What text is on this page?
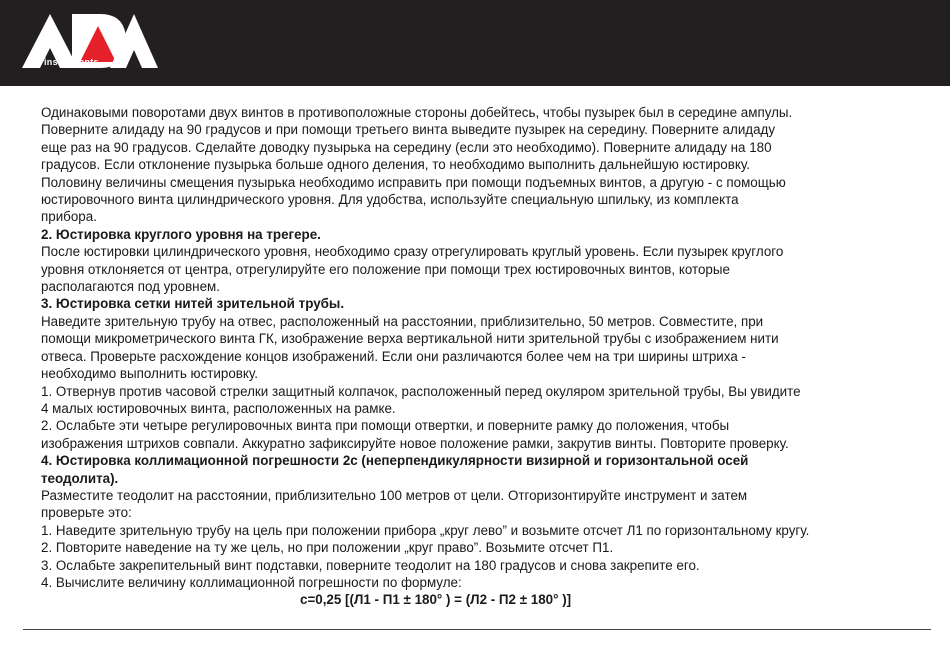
instruments

Одинаковыми поворотами двух винтов в противоположные стороны добейтесь, чтобы пузырек был в середине ампулы.

Поверните алидаду на 90 градусов и при помощи третьего винта выведите пузырек на середину. Поверните алидаду

еще раз на 90 градусов. Сделайте доводку пузырька на середину (если это необходимо). Поверните алидаду на 180

градусов. Если отклонение пузырька больше одного деления, то необходимо выполнить дальнейшую юстировку.

Половину величины смещения пузырька необходимо исправить при помощи подъемных винтов, а другую - с помощью

юстировочного винта цилиндрического уровня. Для удобства, используйте специальную шпильку, из комплекта

прибора.

2. Юстировка круглого уровня на трегере.

После юстировки цилиндрического уровня, необходимо сразу отрегулировать круглый уровень. Если пузырек круглого

уровня отклоняется от центра, отрегулируйте его положение при помощи трех юстировочных винтов, которые

располагаются под уровнем.

3. Юстировка сетки нитей зрительной трубы.

Наведите зрительную трубу на отвес, расположенный на расстоянии, приблизительно, 50 метров. Совместите, при

помощи микрометрического винта ГК, изображение верха вертикальной нити зрительной трубы с изображением нити

отвеса. Проверьте расхождение концов изображений. Если они различаются более чем на три ширины штриха -

необходимо выполнить юстировку.

1. Отвернув против часовой стрелки защитный колпачок, расположенный перед окуляром зрительной трубы, Вы увидите

4 малых юстировочных винта, расположенных на рамке.

2. Ослабьте эти четыре регулировочных винта при помощи отвертки, и поверните рамку до положения, чтобы

изображения штрихов совпали. Аккуратно зафиксируйте новое положение рамки, закрутив винты. Повторите проверку.

4. Юстировка коллимационной погрешности 2с (неперпендикулярности визирной и горизонтальной осей

теодолита).

Разместите теодолит на расстоянии, приблизительно 100 метров от цели. Отгоризонтируйте инструмент и затем

проверьте это:

1. Наведите зрительную трубу на цель при положении прибора „круг лево” и возьмите отсчет Л1 по горизонтальному кругу.

2. Повторите наведение на ту же цель, но при положении „круг право”. Возьмите отсчет П1.

3. Ослабьте закрепительный винт подставки, поверните теодолит на 180 градусов и снова закрепите его.

4. Вычислите величину коллимационной погрешности по формуле:

с=0,25 [(Л1 - П1 ± 180° ) = (Л2 - П2 ± 180° )]
